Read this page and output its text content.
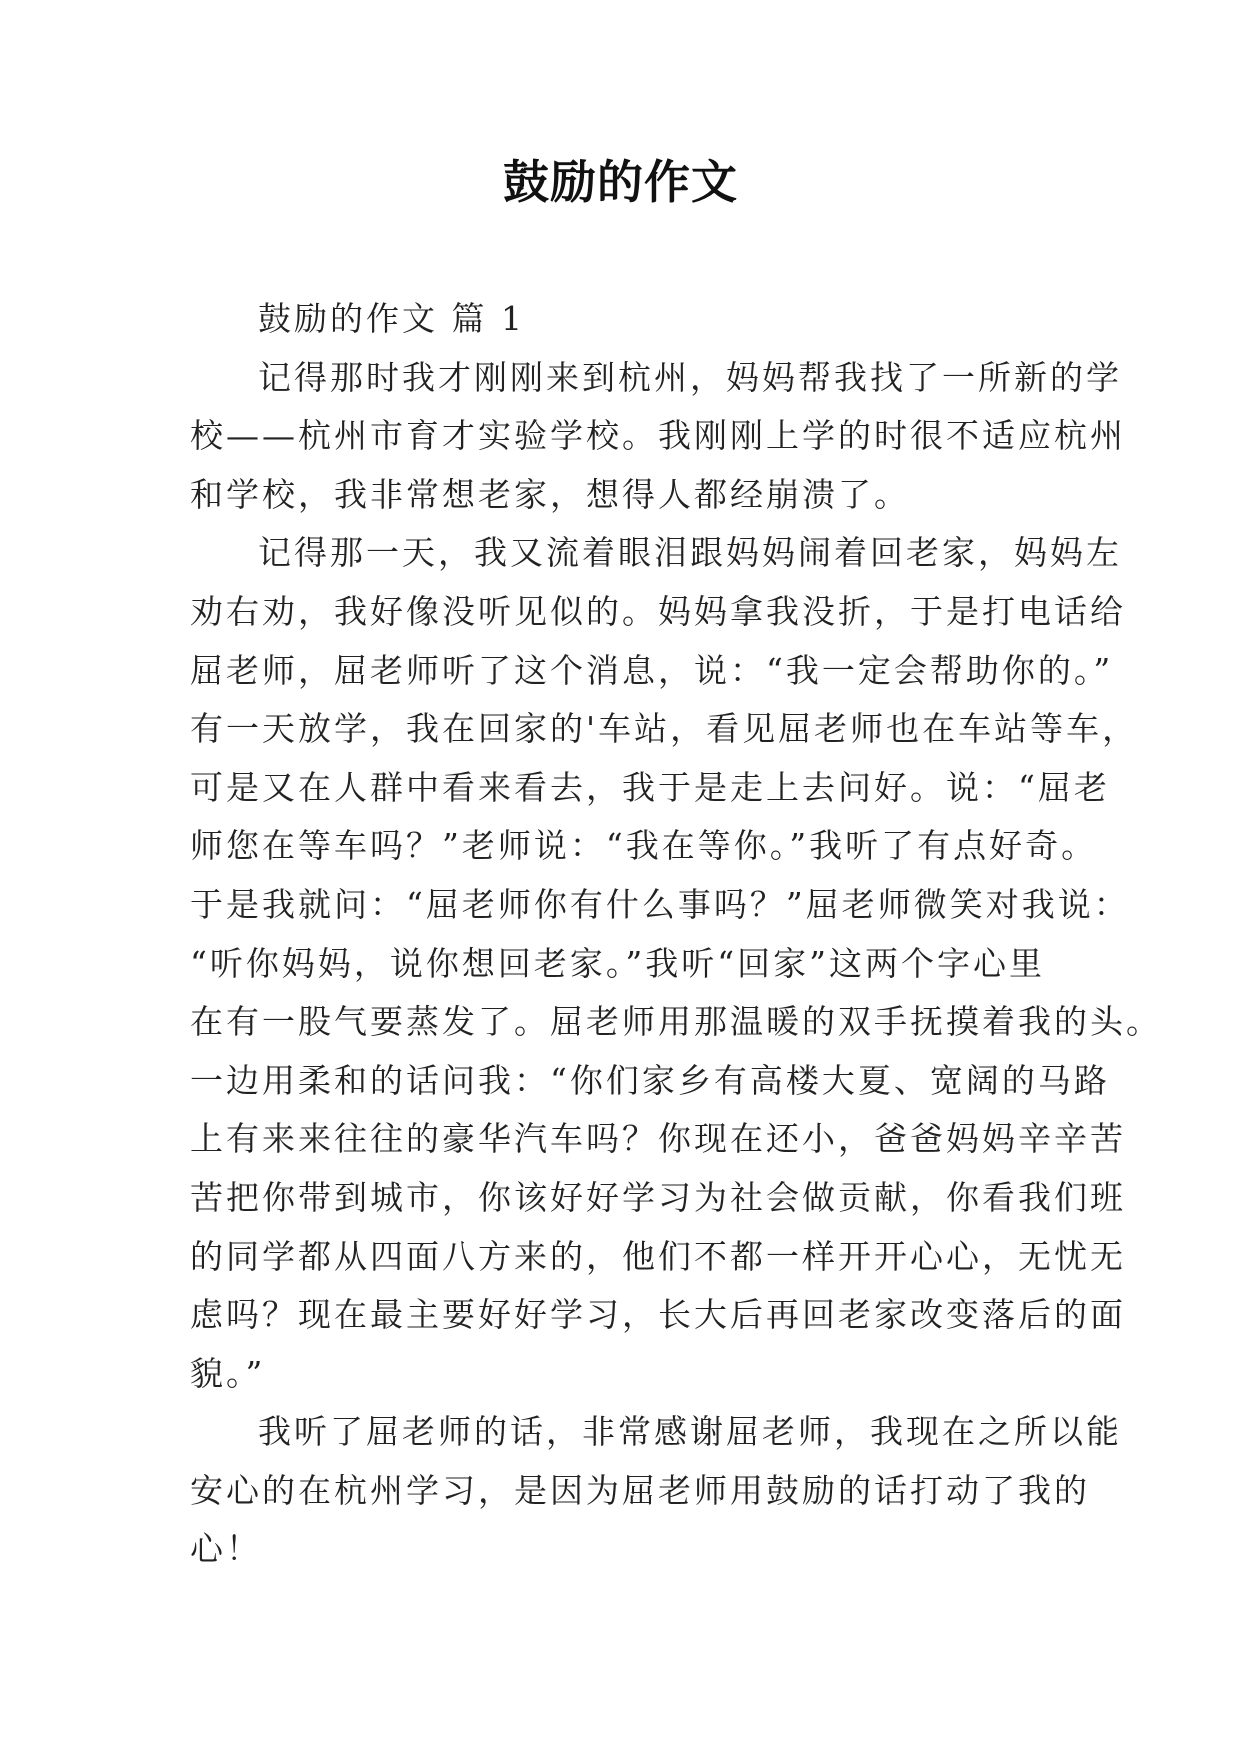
鼓励的作文
鼓励的作文 篇 1
记得那时我才刚刚来到杭州，妈妈帮我找了一所新的学
校——杭州市育才实验学校。我刚刚上学的时很不适应杭州
和学校，我非常想老家，想得人都经崩溃了。
记得那一天，我又流着眼泪跟妈妈闹着回老家，妈妈左
劝右劝，我好像没听见似的。妈妈拿我没折，于是打电话给
屈老师，屈老师听了这个消息，说：“我一定会帮助你的。”
有一天放学，我在回家的'车站，看见屈老师也在车站等车，
可是又在人群中看来看去，我于是走上去问好。说：“屈老
师您在等车吗？”老师说：“我在等你。”我听了有点好奇。
于是我就问：“屈老师你有什么事吗？”屈老师微笑对我说：
“听你妈妈，说你想回老家。”我听“回家”这两个字心里
在有一股气要蒸发了。屈老师用那温暖的双手抚摸着我的头。
一边用柔和的话问我：“你们家乡有高楼大夏、宽阔的马路
上有来来往往的豪华汽车吗？你现在还小，爸爸妈妈辛辛苦
苦把你带到城市，你该好好学习为社会做贡献，你看我们班
的同学都从四面八方来的，他们不都一样开开心心，无忧无
虑吗？现在最主要好好学习，长大后再回老家改变落后的面
貌。”
我听了屈老师的话，非常感谢屈老师，我现在之所以能
安心的在杭州学习，是因为屈老师用鼓励的话打动了我的
心！
